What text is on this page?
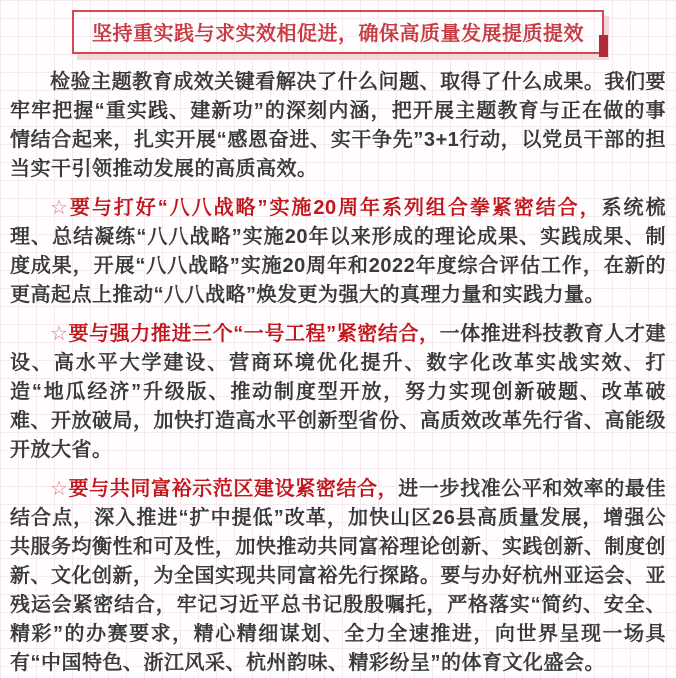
坚持重实践与求实效相促进，确保高质量发展提质提效

检验主题教育成效关键看解决了什么问题、取得了什么成果。我们要牢牢把握“重实践、建新功”的深刻内涵，把开展主题教育与正在做的事情结合起来，扎实开展“感恩奋进、实干争先”3+1行动，以党员干部的担当实干引领推动发展的高质高效。

☆要与打好“八八战略”实施20周年系列组合拳紧密结合，系统梳理、总结凝练“八八战略”实施20年以来形成的理论成果、实践成果、制度成果，开展“八八战略”实施20周年和2022年度综合评估工作，在新的更高起点上推动“八八战略”焕发更为强大的真理力量和实践力量。

☆要与强力推进三个“一号工程”紧密结合，一体推进科技教育人才建设、高水平大学建设、营商环境优化提升、数字化改革实战实效、打造“地瓜经济”升级版、推动制度型开放，努力实现创新破题、改革破难、开放破局，加快打造高水平创新型省份、高质效改革先行省、高能级开放大省。

☆要与共同富裕示范区建设紧密结合，进一步找准公平和效率的最佳结合点，深入推进“扩中提低”改革，加快山区26县高质量发展，增强公共服务均衡性和可及性，加快推动共同富裕理论创新、实践创新、制度创新、文化创新，为全国实现共同富裕先行探路。要与办好杭州亚运会、亚残运会紧密结合，牢记习近平总书记殷殷嘱托，严格落实“简约、安全、精彩”的办赛要求，精心精细谋划、全力全速推进，向世界呈现一场具有“中国特色、浙江风采、杭州韵味、精彩纷呈”的体育文化盛会。
